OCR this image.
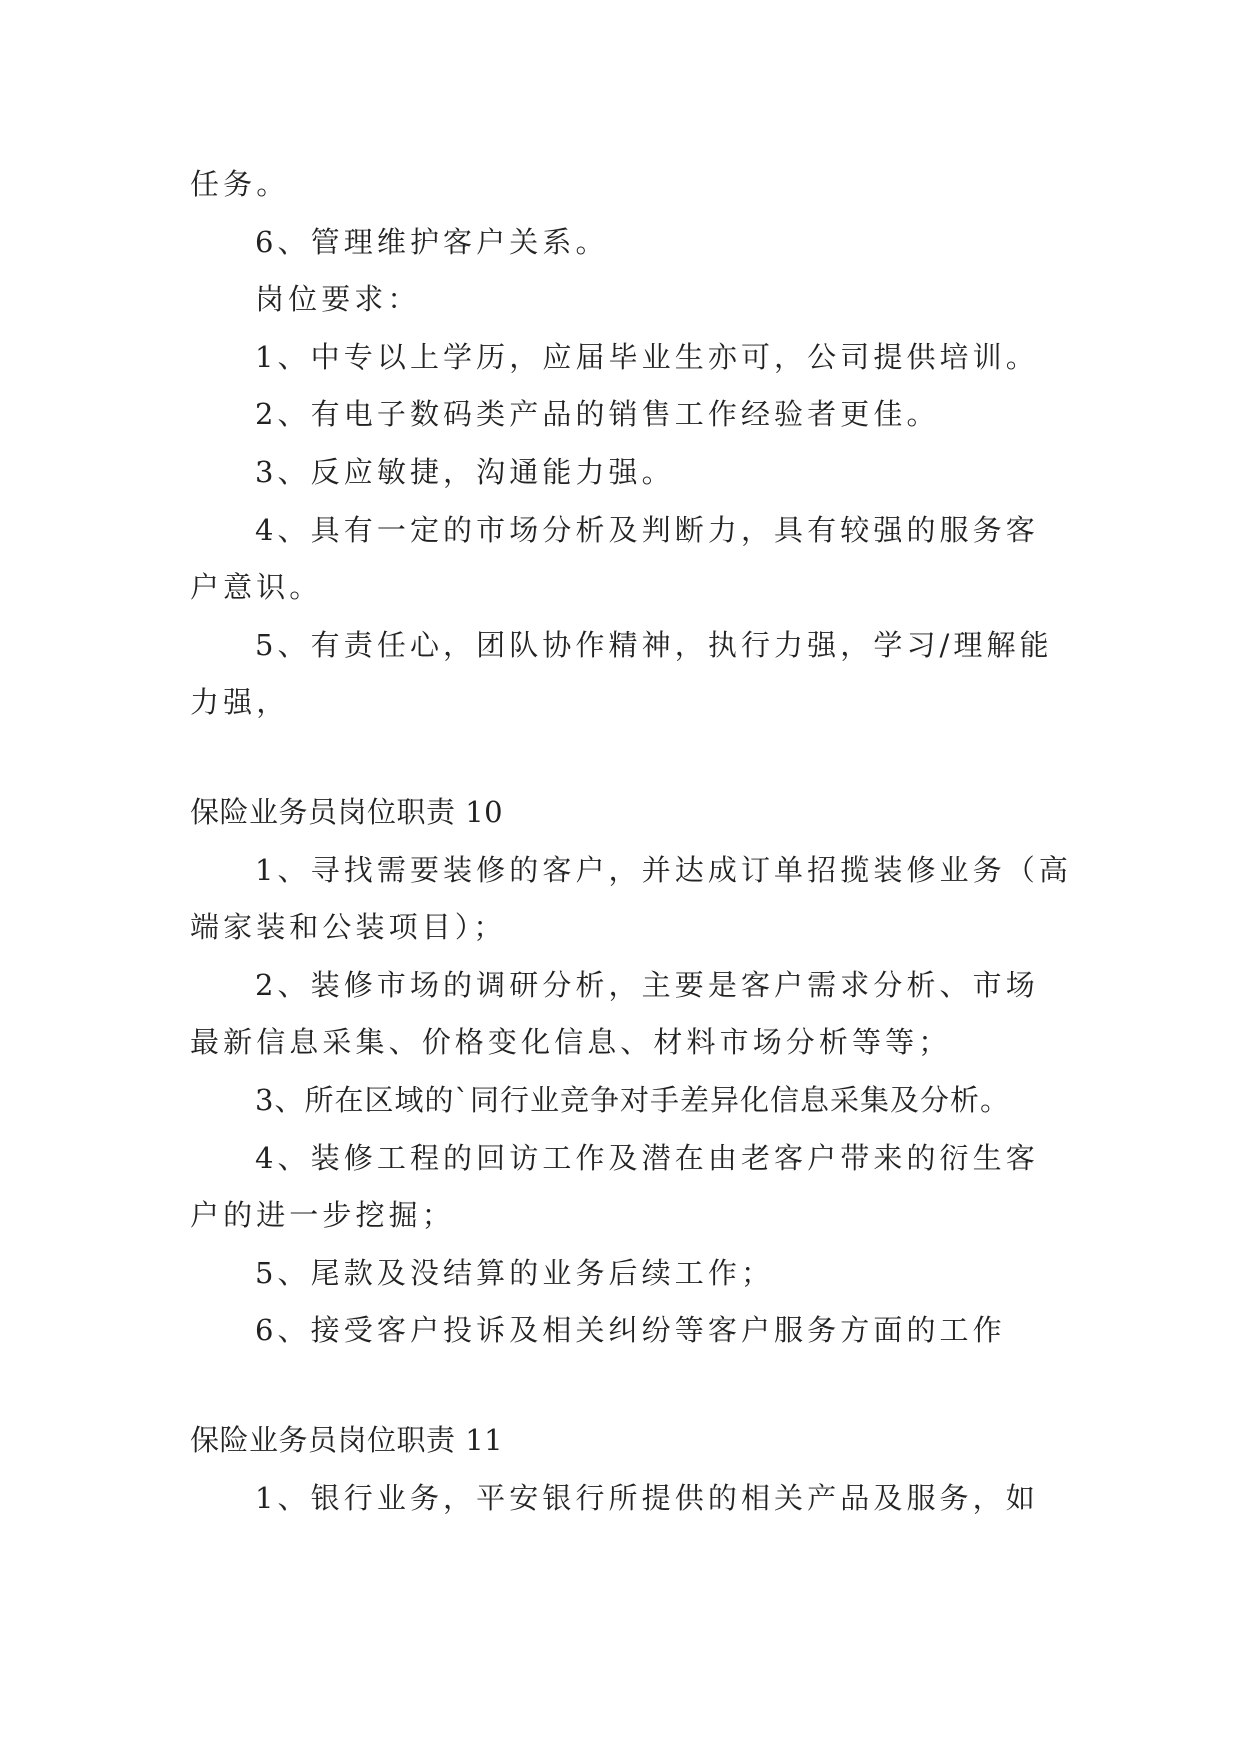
任务。
6、管理维护客户关系。
岗位要求：
1、中专以上学历，应届毕业生亦可，公司提供培训。
2、有电子数码类产品的销售工作经验者更佳。
3、反应敏捷，沟通能力强。
4、具有一定的市场分析及判断力，具有较强的服务客
户意识。
5、有责任心，团队协作精神，执行力强，学习/理解能
力强，
保险业务员岗位职责 10
1、寻找需要装修的客户，并达成订单招揽装修业务（高
端家装和公装项目）；
2、装修市场的调研分析，主要是客户需求分析、市场
最新信息采集、价格变化信息、材料市场分析等等；
3、所在区域的`同行业竞争对手差异化信息采集及分析。
4、装修工程的回访工作及潜在由老客户带来的衍生客
户的进一步挖掘；
5、尾款及没结算的业务后续工作；
6、接受客户投诉及相关纠纷等客户服务方面的工作
保险业务员岗位职责 11
1、银行业务，平安银行所提供的相关产品及服务，如
